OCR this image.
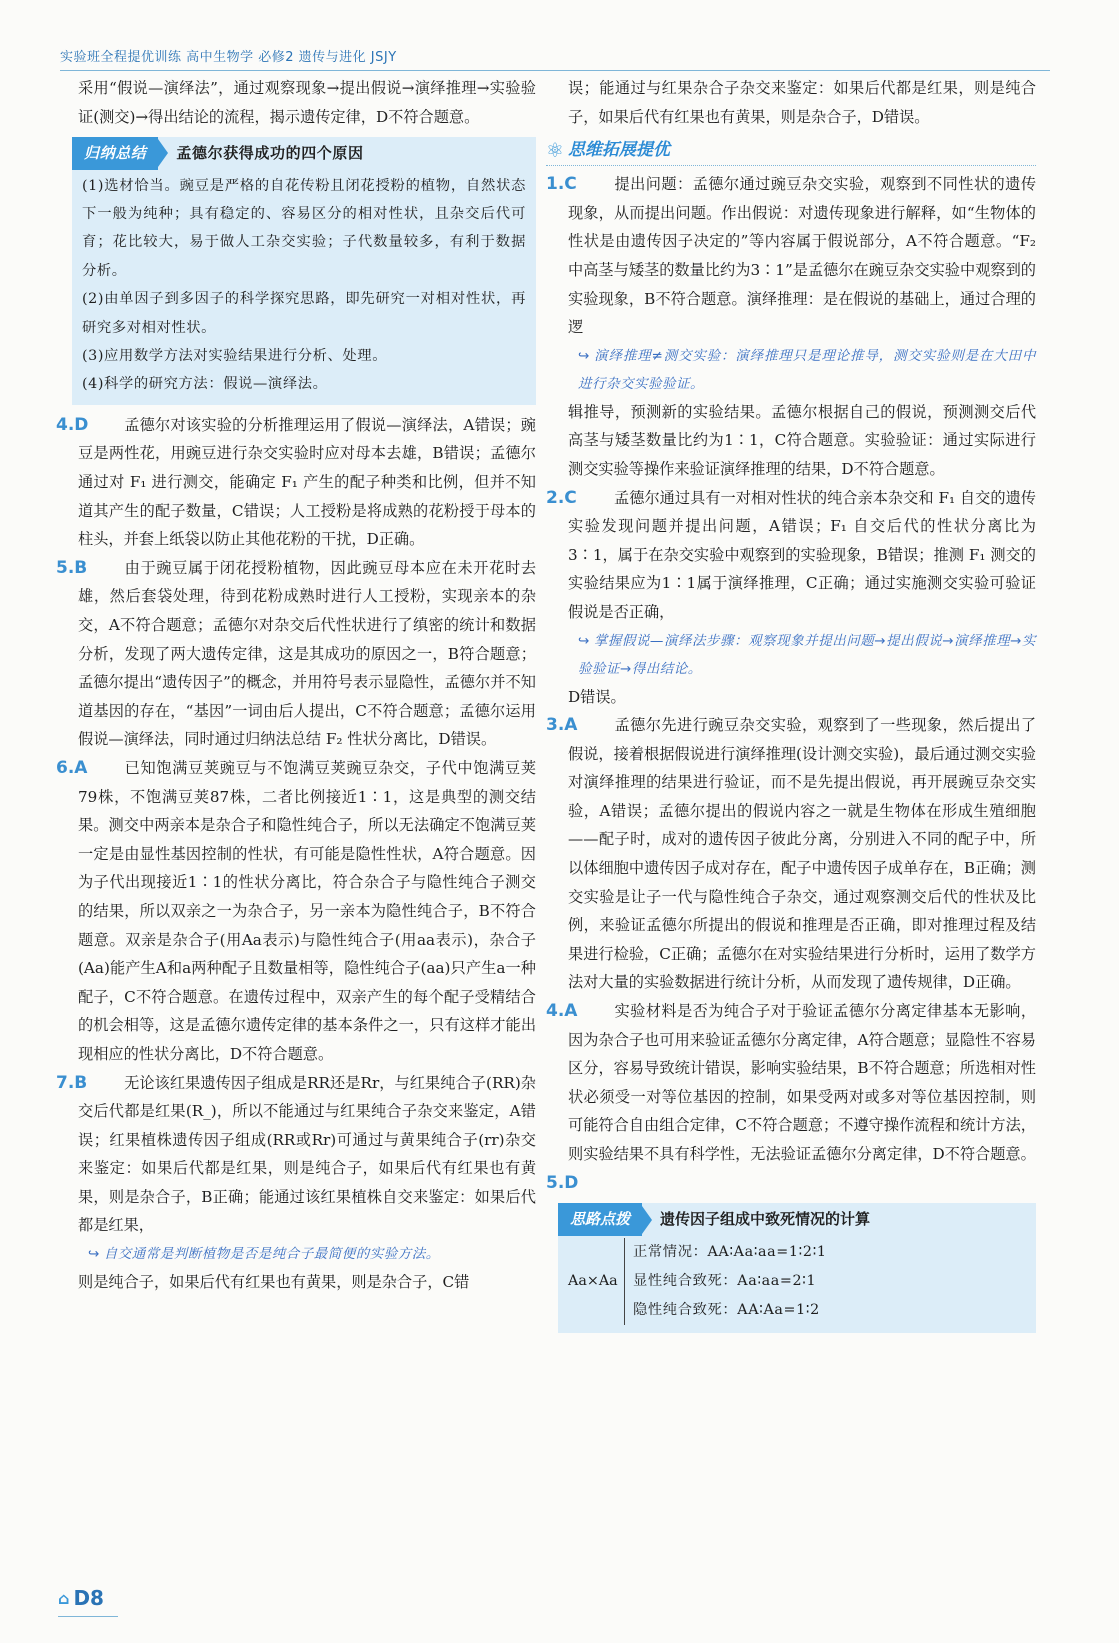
实验班全程提优训练 高中生物学 必修2 遗传与进化 JSJY

采用“假说—演绎法”，通过观察现象→提出假说→演绎推理→实验验证(测交)→得出结论的流程，揭示遗传定律，D不符合题意。

归纳总结	孟德尔获得成功的四个原因

(1)选材恰当。豌豆是严格的自花传粉且闭花授粉的植物，自然状态下一般为纯种；具有稳定的、容易区分的相对性状，且杂交后代可育；花比较大，易于做人工杂交实验；子代数量较多，有利于数据分析。

(2)由单因子到多因子的科学探究思路，即先研究一对相对性状，再研究多对相对性状。

(3)应用数学方法对实验结果进行分析、处理。

(4)科学的研究方法：假说—演绎法。

4.D 孟德尔对该实验的分析推理运用了假说—演绎法，A错误；豌豆是两性花，用豌豆进行杂交实验时应对母本去雄，B错误；孟德尔通过对 F₁ 进行测交，能确定 F₁ 产生的配子种类和比例，但并不知道其产生的配子数量，C错误；人工授粉是将成熟的花粉授于母本的柱头，并套上纸袋以防止其他花粉的干扰，D正确。

5.B 由于豌豆属于闭花授粉植物，因此豌豆母本应在未开花时去雄，然后套袋处理，待到花粉成熟时进行人工授粉，实现亲本的杂交，A不符合题意；孟德尔对杂交后代性状进行了缜密的统计和数据分析，发现了两大遗传定律，这是其成功的原因之一，B符合题意；孟德尔提出“遗传因子”的概念，并用符号表示显隐性，孟德尔并不知道基因的存在，“基因”一词由后人提出，C不符合题意；孟德尔运用假说—演绎法，同时通过归纳法总结 F₂ 性状分离比，D错误。

6.A 已知饱满豆荚豌豆与不饱满豆荚豌豆杂交，子代中饱满豆荚79株，不饱满豆荚87株，二者比例接近1∶1，这是典型的测交结果。测交中两亲本是杂合子和隐性纯合子，所以无法确定不饱满豆荚一定是由显性基因控制的性状，有可能是隐性性状，A符合题意。因为子代出现接近1∶1的性状分离比，符合杂合子与隐性纯合子测交的结果，所以双亲之一为杂合子，另一亲本为隐性纯合子，B不符合题意。双亲是杂合子(用Aa表示)与隐性纯合子(用aa表示)，杂合子(Aa)能产生A和a两种配子且数量相等，隐性纯合子(aa)只产生a一种配子，C不符合题意。在遗传过程中，双亲产生的每个配子受精结合的机会相等，这是孟德尔遗传定律的基本条件之一，只有这样才能出现相应的性状分离比，D不符合题意。

7.B 无论该红果遗传因子组成是RR还是Rr，与红果纯合子(RR)杂交后代都是红果(R_)，所以不能通过与红果纯合子杂交来鉴定，A错误；红果植株遗传因子组成(RR或Rr)可通过与黄果纯合子(rr)杂交来鉴定：如果后代都是红果，则是纯合子，如果后代有红果也有黄果，则是杂合子，B正确；能通过该红果植株自交来鉴定：如果后代都是红果，

↪ 自交通常是判断植物是否是纯合子最简便的实验方法。

则是纯合子，如果后代有红果也有黄果，则是杂合子，C错

误；能通过与红果杂合子杂交来鉴定：如果后代都是红果，则是纯合子，如果后代有红果也有黄果，则是杂合子，D错误。

⚛ 思维拓展提优

1.C 提出问题：孟德尔通过豌豆杂交实验，观察到不同性状的遗传现象，从而提出问题。作出假说：对遗传现象进行解释，如“生物体的性状是由遗传因子决定的”等内容属于假说部分，A不符合题意。“F₂ 中高茎与矮茎的数量比约为3∶1”是孟德尔在豌豆杂交实验中观察到的实验现象，B不符合题意。演绎推理：是在假说的基础上，通过合理的逻

↪ 演绎推理≠测交实验：演绎推理只是理论推导，测交实验则是在大田中进行杂交实验验证。

辑推导，预测新的实验结果。孟德尔根据自己的假说，预测测交后代高茎与矮茎数量比约为1∶1，C符合题意。实验验证：通过实际进行测交实验等操作来验证演绎推理的结果，D不符合题意。

2.C 孟德尔通过具有一对相对性状的纯合亲本杂交和 F₁ 自交的遗传实验发现问题并提出问题，A错误；F₁ 自交后代的性状分离比为3∶1，属于在杂交实验中观察到的实验现象，B错误；推测 F₁ 测交的实验结果应为1∶1属于演绎推理，C正确；通过实施测交实验可验证假说是否正确，

↪ 掌握假说—演绎法步骤：观察现象并提出问题→提出假说→演绎推理→实验验证→得出结论。

D错误。

3.A 孟德尔先进行豌豆杂交实验，观察到了一些现象，然后提出了假说，接着根据假说进行演绎推理(设计测交实验)，最后通过测交实验对演绎推理的结果进行验证，而不是先提出假说，再开展豌豆杂交实验，A错误；孟德尔提出的假说内容之一就是生物体在形成生殖细胞——配子时，成对的遗传因子彼此分离，分别进入不同的配子中，所以体细胞中遗传因子成对存在，配子中遗传因子成单存在，B正确；测交实验是让子一代与隐性纯合子杂交，通过观察测交后代的性状及比例，来验证孟德尔所提出的假说和推理是否正确，即对推理过程及结果进行检验，C正确；孟德尔在对实验结果进行分析时，运用了数学方法对大量的实验数据进行统计分析，从而发现了遗传规律，D正确。

4.A 实验材料是否为纯合子对于验证孟德尔分离定律基本无影响，因为杂合子也可用来验证孟德尔分离定律，A符合题意；显隐性不容易区分，容易导致统计错误，影响实验结果，B不符合题意；所选相对性状必须受一对等位基因的控制，如果受两对或多对等位基因控制，则可能符合自由组合定律，C不符合题意；不遵守操作流程和统计方法，则实验结果不具有科学性，无法验证孟德尔分离定律，D不符合题意。

5.D

思路点拨	遗传因子组成中致死情况的计算
Aa×Aa
正常情况：AA∶Aa∶aa=1∶2∶1
显性纯合致死：Aa∶aa=2∶1
隐性纯合致死：AA∶Aa=1∶2
⌂ D8
